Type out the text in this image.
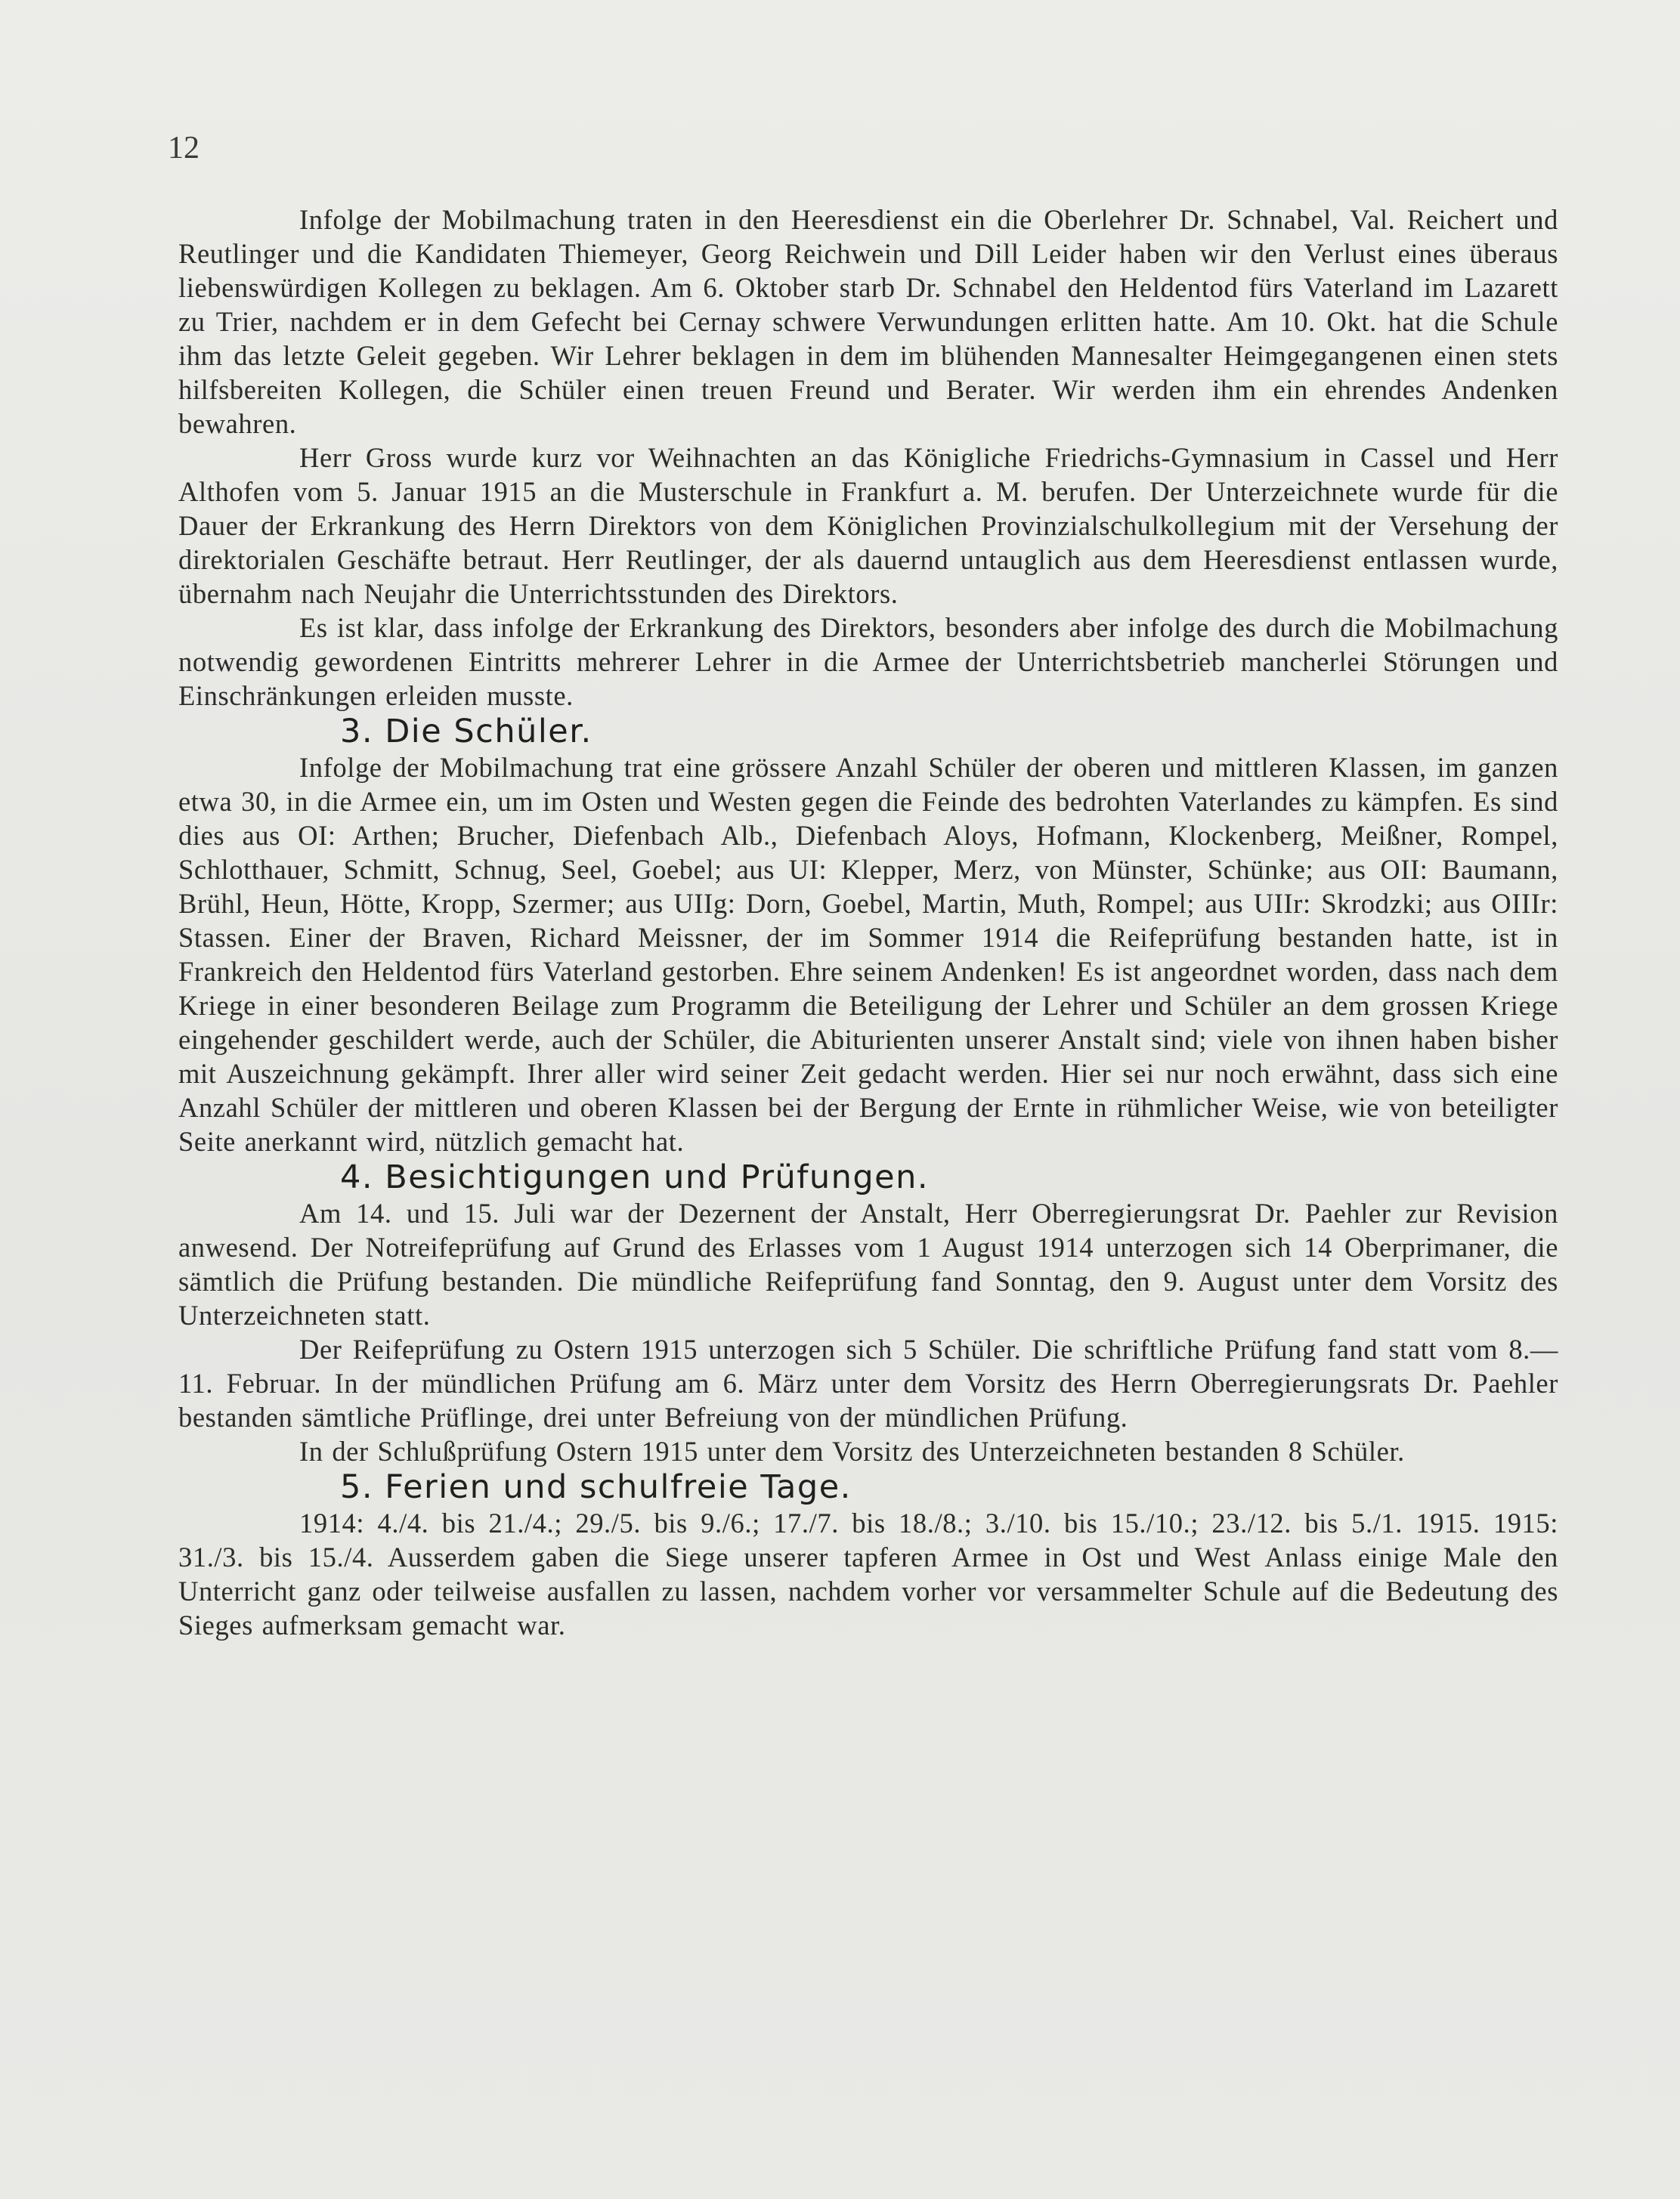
12

Infolge der Mobilmachung traten in den Heeresdienst ein die Oberlehrer Dr. Schnabel, Val. Reichert und Reutlinger und die Kandidaten Thiemeyer, Georg Reichwein und Dill Leider haben wir den Verlust eines überaus liebenswürdigen Kollegen zu beklagen. Am 6. Oktober starb Dr. Schnabel den Heldentod fürs Vaterland im Lazarett zu Trier, nachdem er in dem Gefecht bei Cernay schwere Verwundungen erlitten hatte. Am 10. Okt. hat die Schule ihm das letzte Geleit gegeben. Wir Lehrer beklagen in dem im blühenden Mannesalter Heimgegangenen einen stets hilfsbereiten Kollegen, die Schüler einen treuen Freund und Berater. Wir werden ihm ein ehrendes Andenken bewahren.

Herr Gross wurde kurz vor Weihnachten an das Königliche Friedrichs-Gymnasium in Cassel und Herr Althofen vom 5. Januar 1915 an die Musterschule in Frankfurt a. M. berufen. Der Unterzeichnete wurde für die Dauer der Erkrankung des Herrn Direktors von dem Königlichen Provinzialschulkollegium mit der Versehung der direktorialen Geschäfte betraut. Herr Reutlinger, der als dauernd untauglich aus dem Heeresdienst entlassen wurde, übernahm nach Neujahr die Unterrichtsstunden des Direktors.

Es ist klar, dass infolge der Erkrankung des Direktors, besonders aber infolge des durch die Mobilmachung notwendig gewordenen Eintritts mehrerer Lehrer in die Armee der Unterrichtsbetrieb mancherlei Störungen und Einschränkungen erleiden musste.

3. Die Schüler.

Infolge der Mobilmachung trat eine grössere Anzahl Schüler der oberen und mittleren Klassen, im ganzen etwa 30, in die Armee ein, um im Osten und Westen gegen die Feinde des bedrohten Vaterlandes zu kämpfen. Es sind dies aus OI: Arthen; Brucher, Diefenbach Alb., Diefenbach Aloys, Hofmann, Klockenberg, Meißner, Rompel, Schlotthauer, Schmitt, Schnug, Seel, Goebel; aus UI: Klepper, Merz, von Münster, Schünke; aus OII: Baumann, Brühl, Heun, Hötte, Kropp, Szermer; aus UIIg: Dorn, Goebel, Martin, Muth, Rompel; aus UIIr: Skrodzki; aus OIIIr: Stassen. Einer der Braven, Richard Meissner, der im Sommer 1914 die Reifeprüfung bestanden hatte, ist in Frankreich den Heldentod fürs Vaterland gestorben. Ehre seinem Andenken! Es ist angeordnet worden, dass nach dem Kriege in einer besonderen Beilage zum Programm die Beteiligung der Lehrer und Schüler an dem grossen Kriege eingehender geschildert werde, auch der Schüler, die Abiturienten unserer Anstalt sind; viele von ihnen haben bisher mit Auszeichnung gekämpft. Ihrer aller wird seiner Zeit gedacht werden. Hier sei nur noch erwähnt, dass sich eine Anzahl Schüler der mittleren und oberen Klassen bei der Bergung der Ernte in rühmlicher Weise, wie von beteiligter Seite anerkannt wird, nützlich gemacht hat.

4. Besichtigungen und Prüfungen.

Am 14. und 15. Juli war der Dezernent der Anstalt, Herr Oberregierungsrat Dr. Paehler zur Revision anwesend. Der Notreifeprüfung auf Grund des Erlasses vom 1 August 1914 unterzogen sich 14 Oberprimaner, die sämtlich die Prüfung bestanden. Die mündliche Reifeprüfung fand Sonntag, den 9. August unter dem Vorsitz des Unterzeichneten statt.

Der Reifeprüfung zu Ostern 1915 unterzogen sich 5 Schüler. Die schriftliche Prüfung fand statt vom 8.—11. Februar. In der mündlichen Prüfung am 6. März unter dem Vorsitz des Herrn Oberregierungsrats Dr. Paehler bestanden sämtliche Prüflinge, drei unter Befreiung von der mündlichen Prüfung.

In der Schlußprüfung Ostern 1915 unter dem Vorsitz des Unterzeichneten bestanden 8 Schüler.

5. Ferien und schulfreie Tage.

1914: 4./4. bis 21./4.; 29./5. bis 9./6.; 17./7. bis 18./8.; 3./10. bis 15./10.; 23./12. bis 5./1. 1915. 1915: 31./3. bis 15./4. Ausserdem gaben die Siege unserer tapferen Armee in Ost und West Anlass einige Male den Unterricht ganz oder teilweise ausfallen zu lassen, nachdem vorher vor versammelter Schule auf die Bedeutung des Sieges aufmerksam gemacht war.
